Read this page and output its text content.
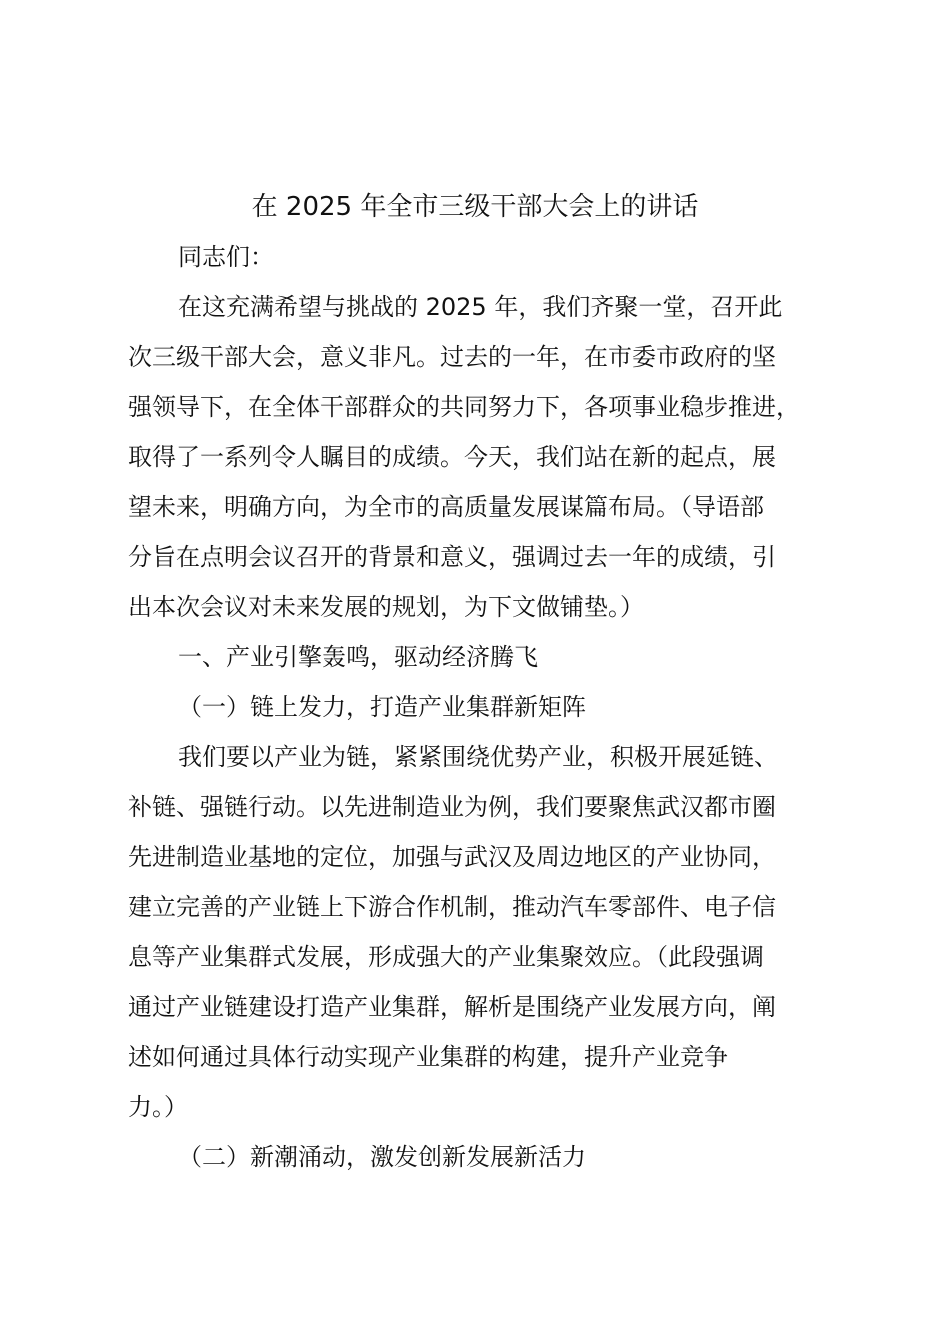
在 2025 年全市三级干部大会上的讲话
同志们：
在这充满希望与挑战的 2025 年，我们齐聚一堂，召开此
次三级干部大会，意义非凡。过去的一年，在市委市政府的坚
强领导下，在全体干部群众的共同努力下，各项事业稳步推进，
取得了一系列令人瞩目的成绩。今天，我们站在新的起点，展
望未来，明确方向，为全市的高质量发展谋篇布局。（导语部
分旨在点明会议召开的背景和意义，强调过去一年的成绩，引
出本次会议对未来发展的规划，为下文做铺垫。）
一、产业引擎轰鸣，驱动经济腾飞
（一）链上发力，打造产业集群新矩阵
我们要以产业为链，紧紧围绕优势产业，积极开展延链、
补链、强链行动。以先进制造业为例，我们要聚焦武汉都市圈
先进制造业基地的定位，加强与武汉及周边地区的产业协同，
建立完善的产业链上下游合作机制，推动汽车零部件、电子信
息等产业集群式发展，形成强大的产业集聚效应。（此段强调
通过产业链建设打造产业集群，解析是围绕产业发展方向，阐
述如何通过具体行动实现产业集群的构建，提升产业竞争
力。）
（二）新潮涌动，激发创新发展新活力
